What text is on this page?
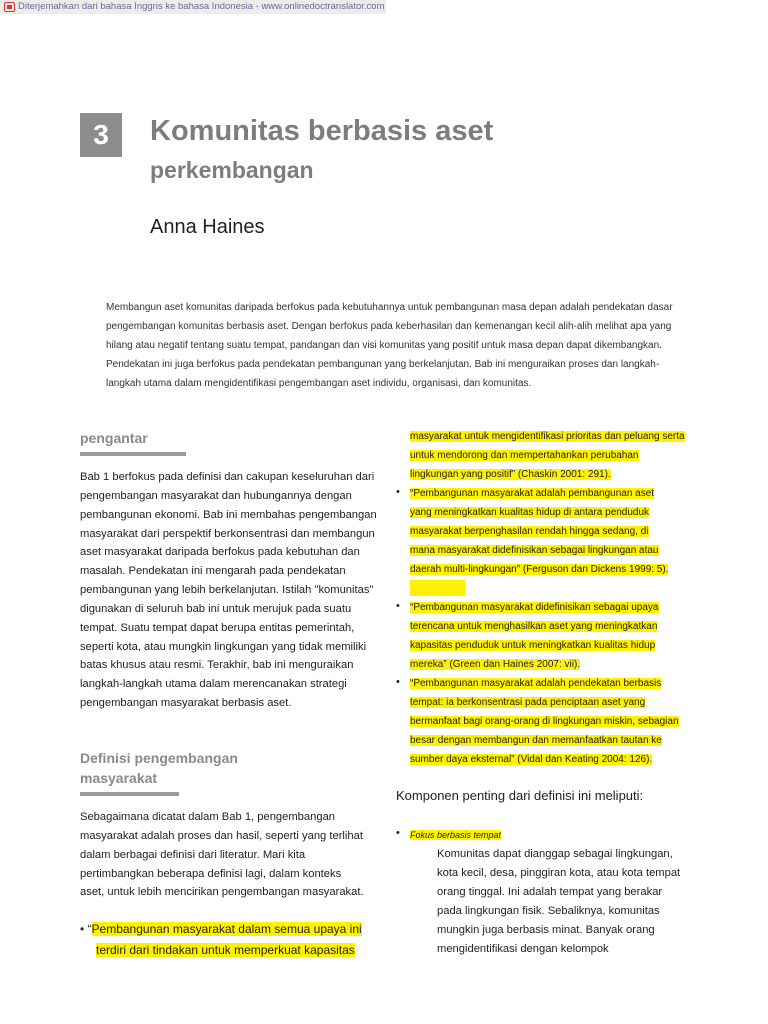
Diterjemahkan dari bahasa Inggris ke bahasa Indonesia - www.onlinedoctranslator.com
3	Komunitas berbasis aset
perkembangan
Anna Haines
Membangun aset komunitas daripada berfokus pada kebutuhannya untuk pembangunan masa depan adalah pendekatan dasar
pengembangan komunitas berbasis aset. Dengan berfokus pada keberhasilan dan kemenangan kecil alih-alih melihat apa yang
hilang atau negatif tentang suatu tempat, pandangan dan visi komunitas yang positif untuk masa depan dapat dikembangkan.
Pendekatan ini juga berfokus pada pendekatan pembangunan yang berkelanjutan. Bab ini menguraikan proses dan langkah-
langkah utama dalam mengidentifikasi pengembangan aset individu, organisasi, dan komunitas.
pengantar
Bab 1 berfokus pada definisi dan cakupan keseluruhan dari
pengembangan masyarakat dan hubungannya dengan
pembangunan ekonomi. Bab ini membahas pengembangan
masyarakat dari perspektif berkonsentrasi dan membangun
aset masyarakat daripada berfokus pada kebutuhan dan
masalah. Pendekatan ini mengarah pada pendekatan
pembangunan yang lebih berkelanjutan. Istilah "komunitas"
digunakan di seluruh bab ini untuk merujuk pada suatu
tempat. Suatu tempat dapat berupa entitas pemerintah,
seperti kota, atau mungkin lingkungan yang tidak memiliki
batas khusus atau resmi. Terakhir, bab ini menguraikan
langkah-langkah utama dalam merencanakan strategi
pengembangan masyarakat berbasis aset.
Definisi pengembangan
masyarakat
Sebagaimana dicatat dalam Bab 1, pengembangan
masyarakat adalah proses dan hasil, seperti yang terlihat
dalam berbagai definisi dari literatur. Mari kita
pertimbangkan beberapa definisi lagi, dalam konteks
aset, untuk lebih mencirikan pengembangan masyarakat.
• “Pembangunan masyarakat dalam semua upaya ini
terdiri dari tindakan untuk memperkuat kapasitas
masyarakat untuk mengidentifikasi prioritas dan peluang serta
untuk mendorong dan mempertahankan perubahan
lingkungan yang positif” (Chaskin 2001: 291).
• “Pembangunan masyarakat adalah pembangunan aset
yang meningkatkan kualitas hidup di antara penduduk
masyarakat berpenghasilan rendah hingga sedang, di
mana masyarakat didefinisikan sebagai lingkungan atau
daerah multi-lingkungan” (Ferguson dan Dickens 1999: 5).
• “Pembangunan masyarakat didefinisikan sebagai upaya
terencana untuk menghasilkan aset yang meningkatkan
kapasitas penduduk untuk meningkatkan kualitas hidup
mereka” (Green dan Haines 2007: vii).
• “Pembangunan masyarakat adalah pendekatan berbasis
tempat: ia berkonsentrasi pada penciptaan aset yang
bermanfaat bagi orang-orang di lingkungan miskin, sebagian
besar dengan membangun dan memanfaatkan tautan ke
sumber daya eksternal” (Vidal dan Keating 2004: 126).
Komponen penting dari definisi ini meliputi:
• Fokus berbasis tempat
Komunitas dapat dianggap sebagai lingkungan,
kota kecil, desa, pinggiran kota, atau kota tempat
orang tinggal. Ini adalah tempat yang berakar
pada lingkungan fisik. Sebaliknya, komunitas
mungkin juga berbasis minat. Banyak orang
mengidentifikasi dengan kelompok
